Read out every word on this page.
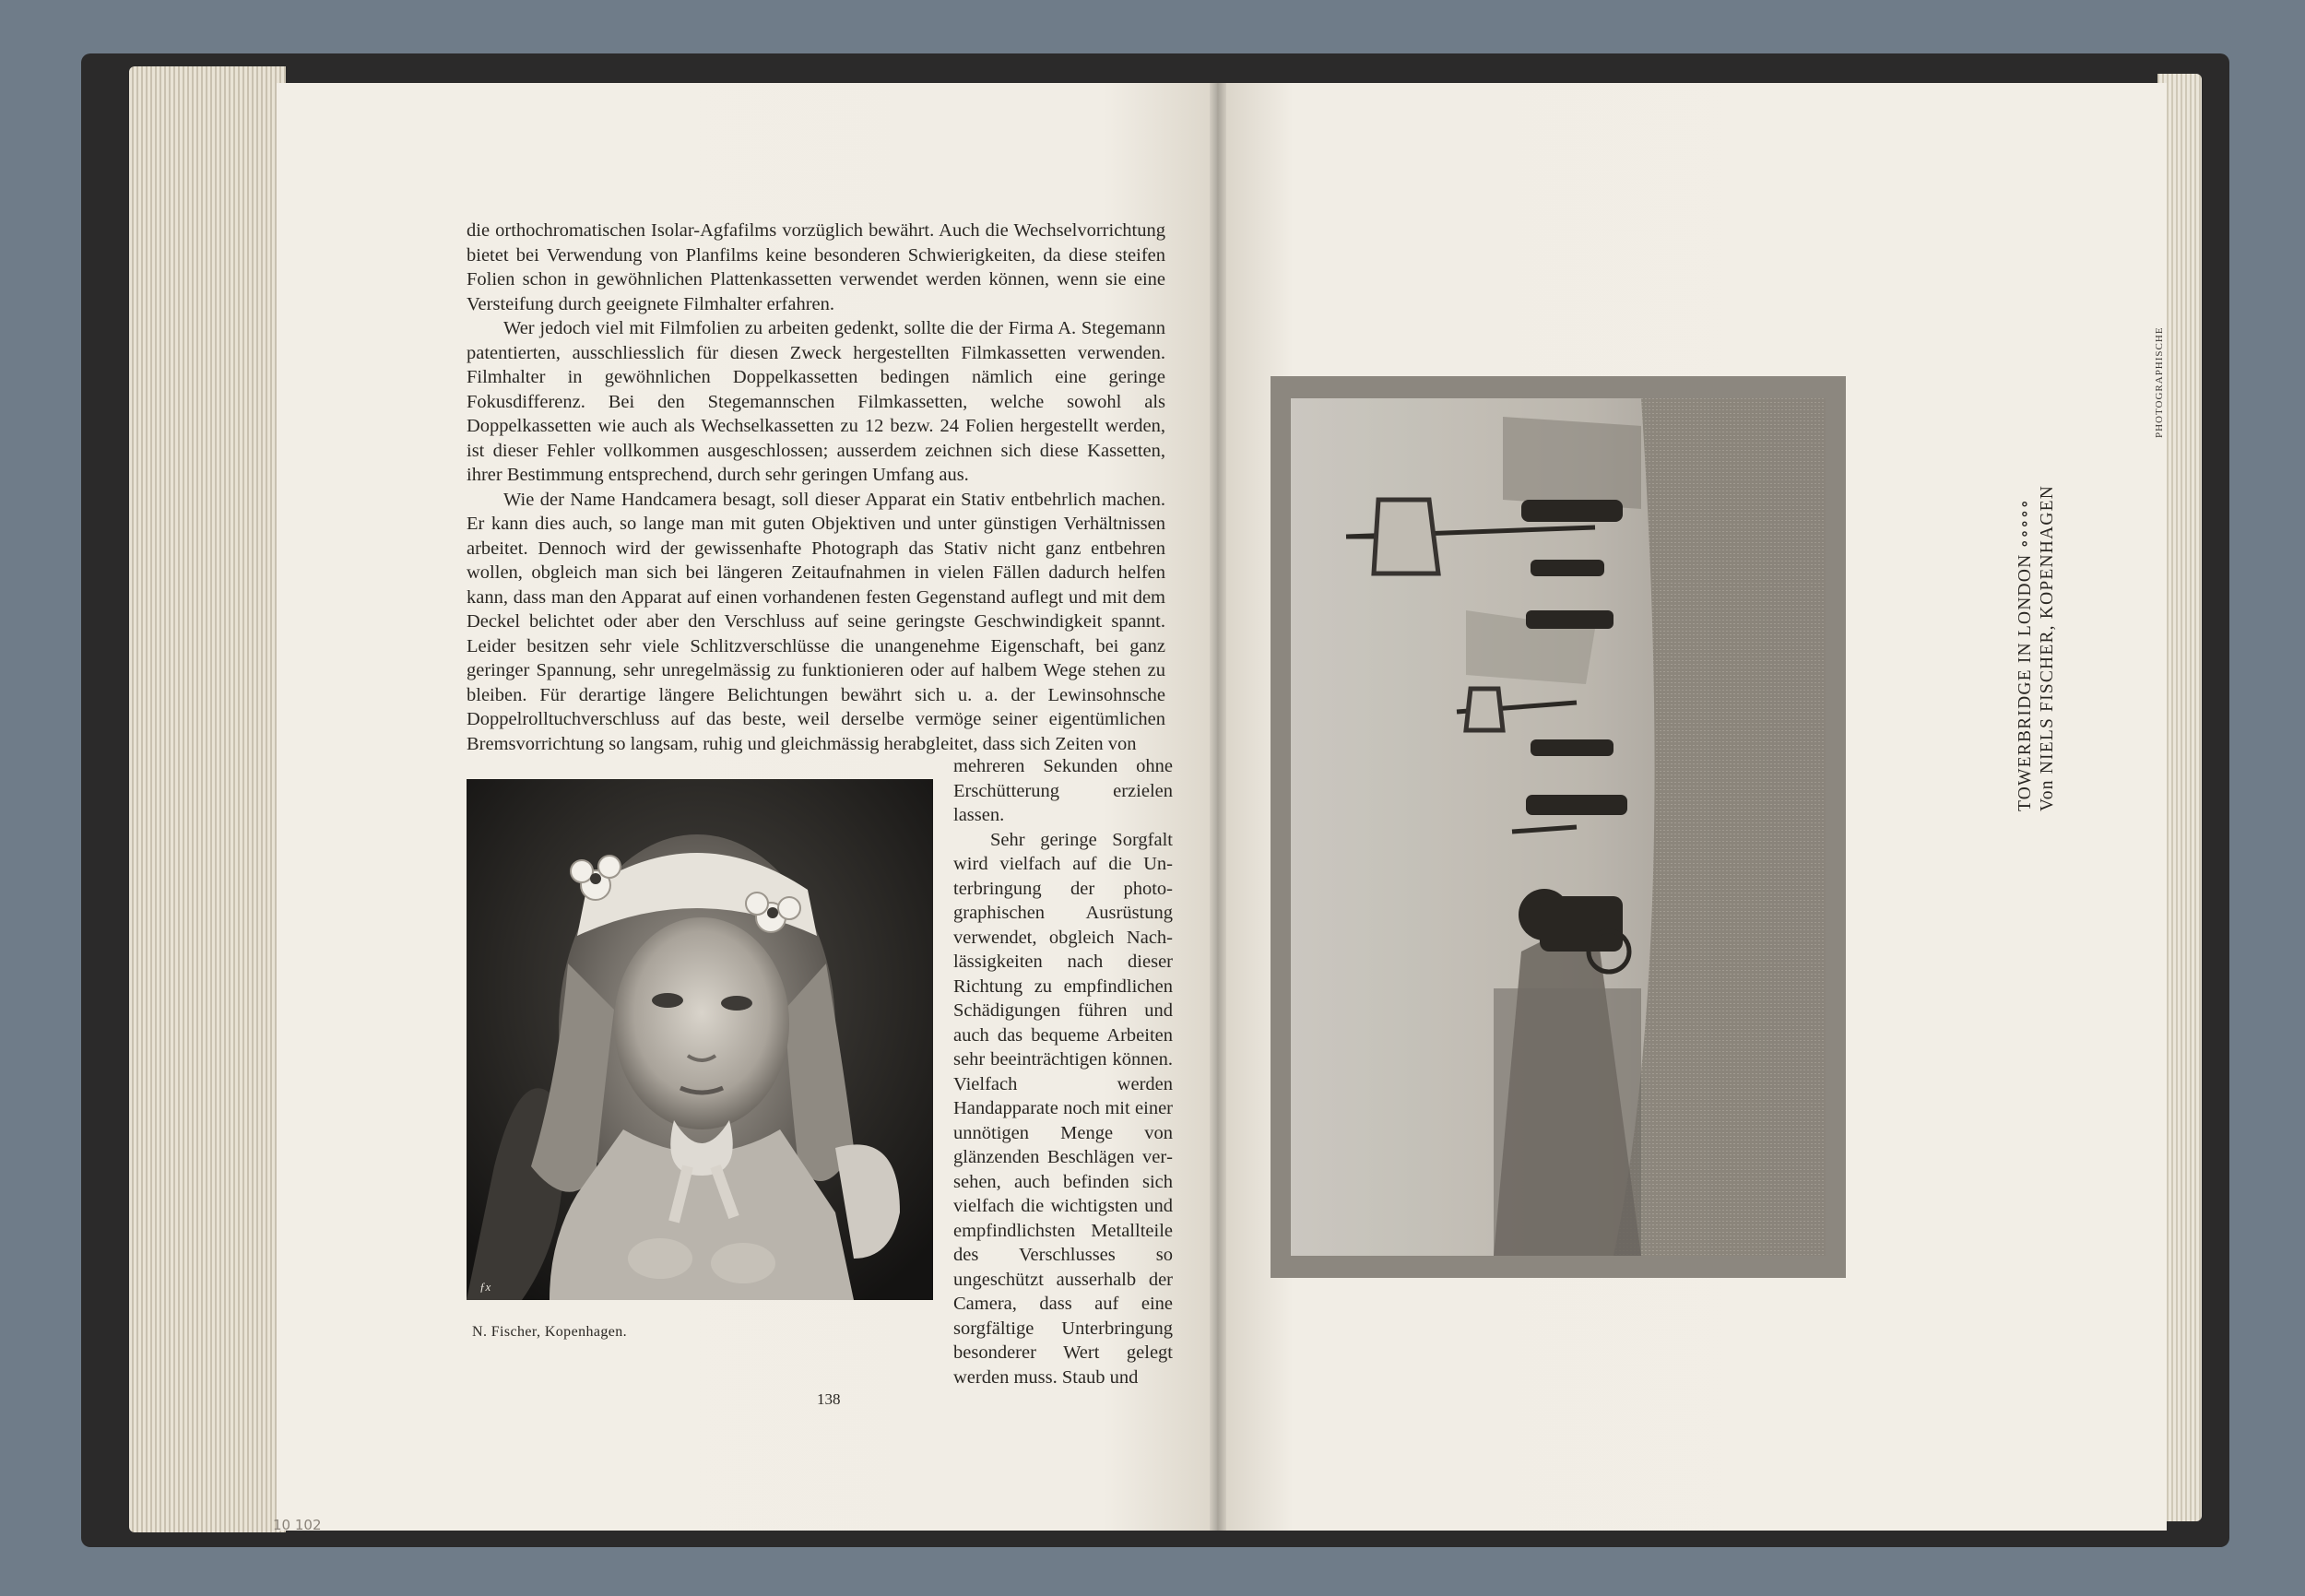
die orthochromatischen Isolar-Agfafilms vorzüglich bewährt. Auch die Wechselvorrichtung bietet bei Verwendung von Planfilms keine besonderen Schwierigkeiten, da diese steifen Folien schon in gewöhnlichen Plattenkassetten verwendet werden können, wenn sie eine Versteifung durch geeignete Filmhalter erfahren.

Wer jedoch viel mit Filmfolien zu arbeiten gedenkt, sollte die der Firma A. Stegemann patentierten, ausschliesslich für diesen Zweck hergestellten Filmkassetten verwenden. Filmhalter in gewöhnlichen Doppelkassetten bedingen nämlich eine geringe Fokusdifferenz. Bei den Stegemannschen Filmkassetten, welche sowohl als Doppelkassetten wie auch als Wechselkassetten zu 12 bezw. 24 Folien hergestellt werden, ist dieser Fehler vollkommen ausgeschlossen; ausserdem zeichnen sich diese Kassetten, ihrer Bestimmung entsprechend, durch sehr geringen Umfang aus.

Wie der Name Handcamera besagt, soll dieser Apparat ein Stativ entbehrlich machen. Er kann dies auch, so lange man mit guten Objektiven und unter günstigen Verhältnissen arbeitet. Dennoch wird der gewissenhafte Photograph das Stativ nicht ganz entbehren wollen, obgleich man sich bei längeren Zeitaufnahmen in vielen Fällen dadurch helfen kann, dass man den Apparat auf einen vorhandenen festen Gegenstand auflegt und mit dem Deckel belichtet oder aber den Verschluss auf seine geringste Geschwindigkeit spannt. Leider besitzen sehr viele Schlitzverschlüsse die unangenehme Eigenschaft, bei ganz geringer Spannung, sehr unregelmässig zu funktionieren oder auf halbem Wege stehen zu bleiben. Für derartige längere Belichtungen bewährt sich u. a. der Lewinsohnsche Doppelrolltuchverschluss auf das beste, weil derselbe vermöge seiner eigentümlichen Bremsvorrichtung so langsam, ruhig und gleichmässig herabgleitet, dass sich Zeiten von

mehreren Sekunden ohne Erschütterung erzielen lassen.

Sehr geringe Sorgfalt wird vielfach auf die Unterbringung der photographischen Ausrüstung verwendet, obgleich Nachlässigkeiten nach dieser Richtung zu empfindlichen Schädigungen führen und auch das bequeme Arbeiten sehr beeinträchtigen können. Vielfach werden Handapparate noch mit einer unnötigen Menge von glänzenden Beschlägen versehen, auch befinden sich vielfach die wichtigsten und empfindlichsten Metallteile des Verschlusses so ungeschützt ausserhalb der Camera, dass auf eine sorgfältige Unterbringung besonderer Wert gelegt werden muss. Staub und

ƒx
N. Fischer, Kopenhagen.
138
10 102
TOWERBRIDGE IN LONDON ∘∘∘∘∘ Von NIELS FISCHER, KOPENHAGEN
PHOTOGRAPHISCHE
